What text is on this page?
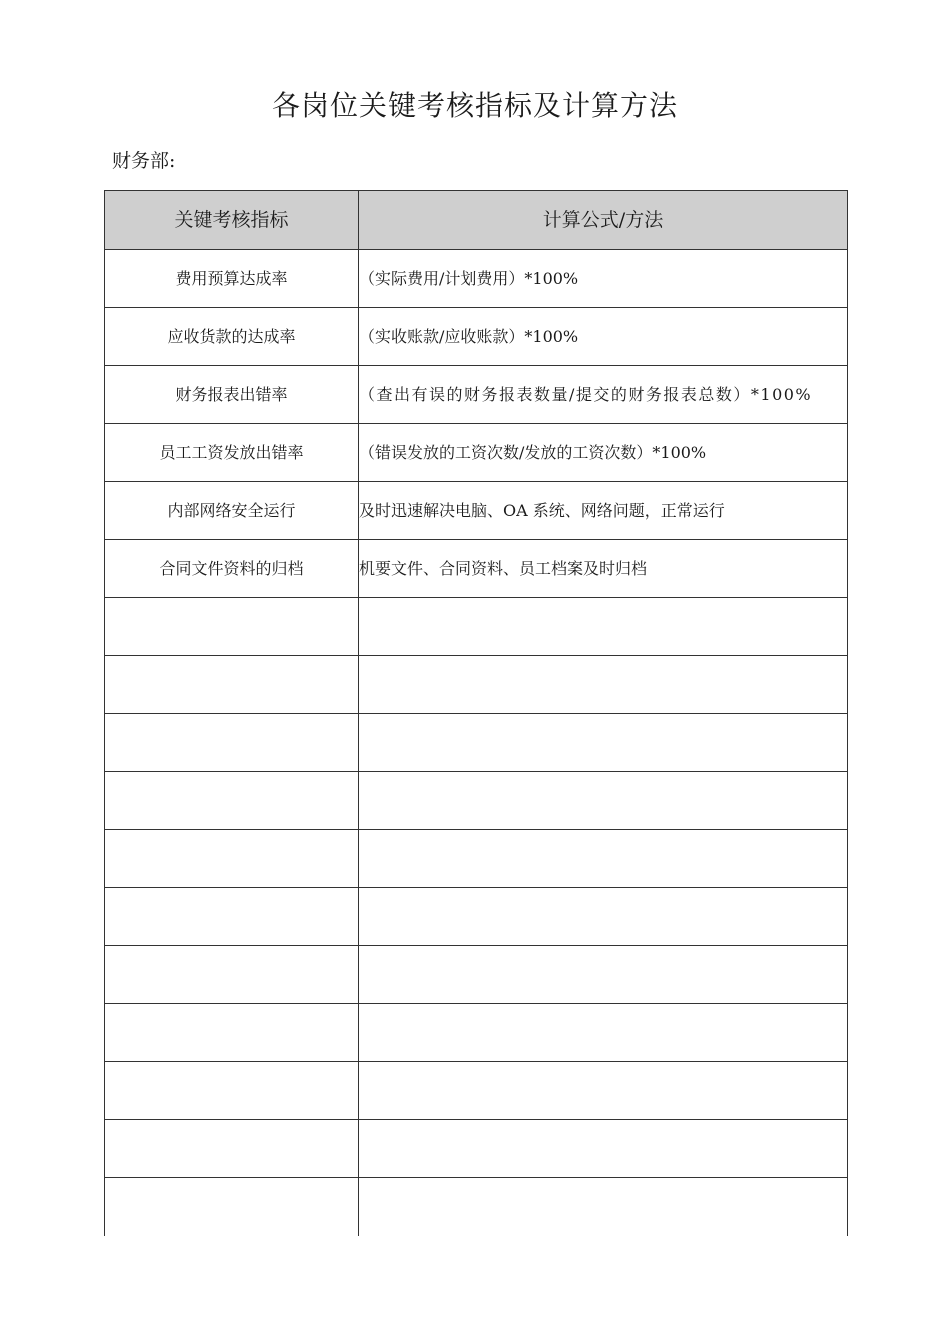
各岗位关键考核指标及计算方法
财务部:
关键考核指标	计算公式/方法
费用预算达成率	（实际费用/计划费用）*100%
应收货款的达成率	（实收账款/应收账款）*100%
财务报表出错率	（查出有误的财务报表数量/提交的财务报表总数）*100%
员工工资发放出错率	（错误发放的工资次数/发放的工资次数）*100%
内部网络安全运行	及时迅速解决电脑、OA 系统、网络问题，正常运行
合同文件资料的归档	机要文件、合同资料、员工档案及时归档
